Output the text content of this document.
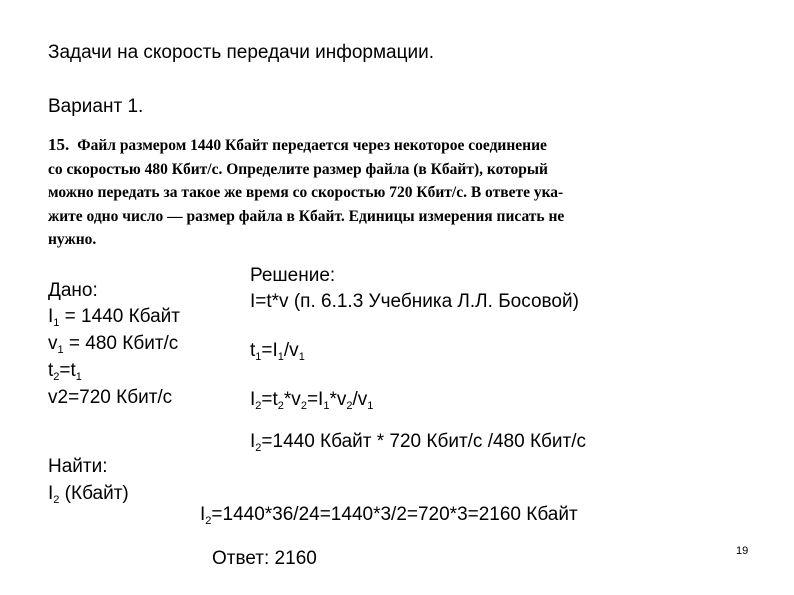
Задачи на скорость передачи информации.
Вариант 1.
15. Файл размером 1440 Кбайт передается через некоторое соединение
со скоростью 480 Кбит/с. Определите размер файла (в Кбайт), который
можно передать за такое же время со скоростью 720 Кбит/с. В ответе ука-
жите одно число — размер файла в Кбайт. Единицы измерения писать не
нужно.
Дано:
$I_1 = 1440$ Кбайт
$v_1 = 480$ Кбит/с
$t_2=t_1$
v2=720 Кбит/с
Найти:
$I_2$ (Кбайт)
Решение:
I=t*v (п. 6.1.3 Учебника Л.Л. Босовой)
$t_1=I_1/v_1$
$I_2=t_2*v_2=I_1*v_2/v_1$
$I_2=1440$ Кбайт * 720 Кбит/с /480 Кбит/с
$I_2=1440*36/24=1440*3/2=720*3=2160$ Кбайт
Ответ: 2160	19
